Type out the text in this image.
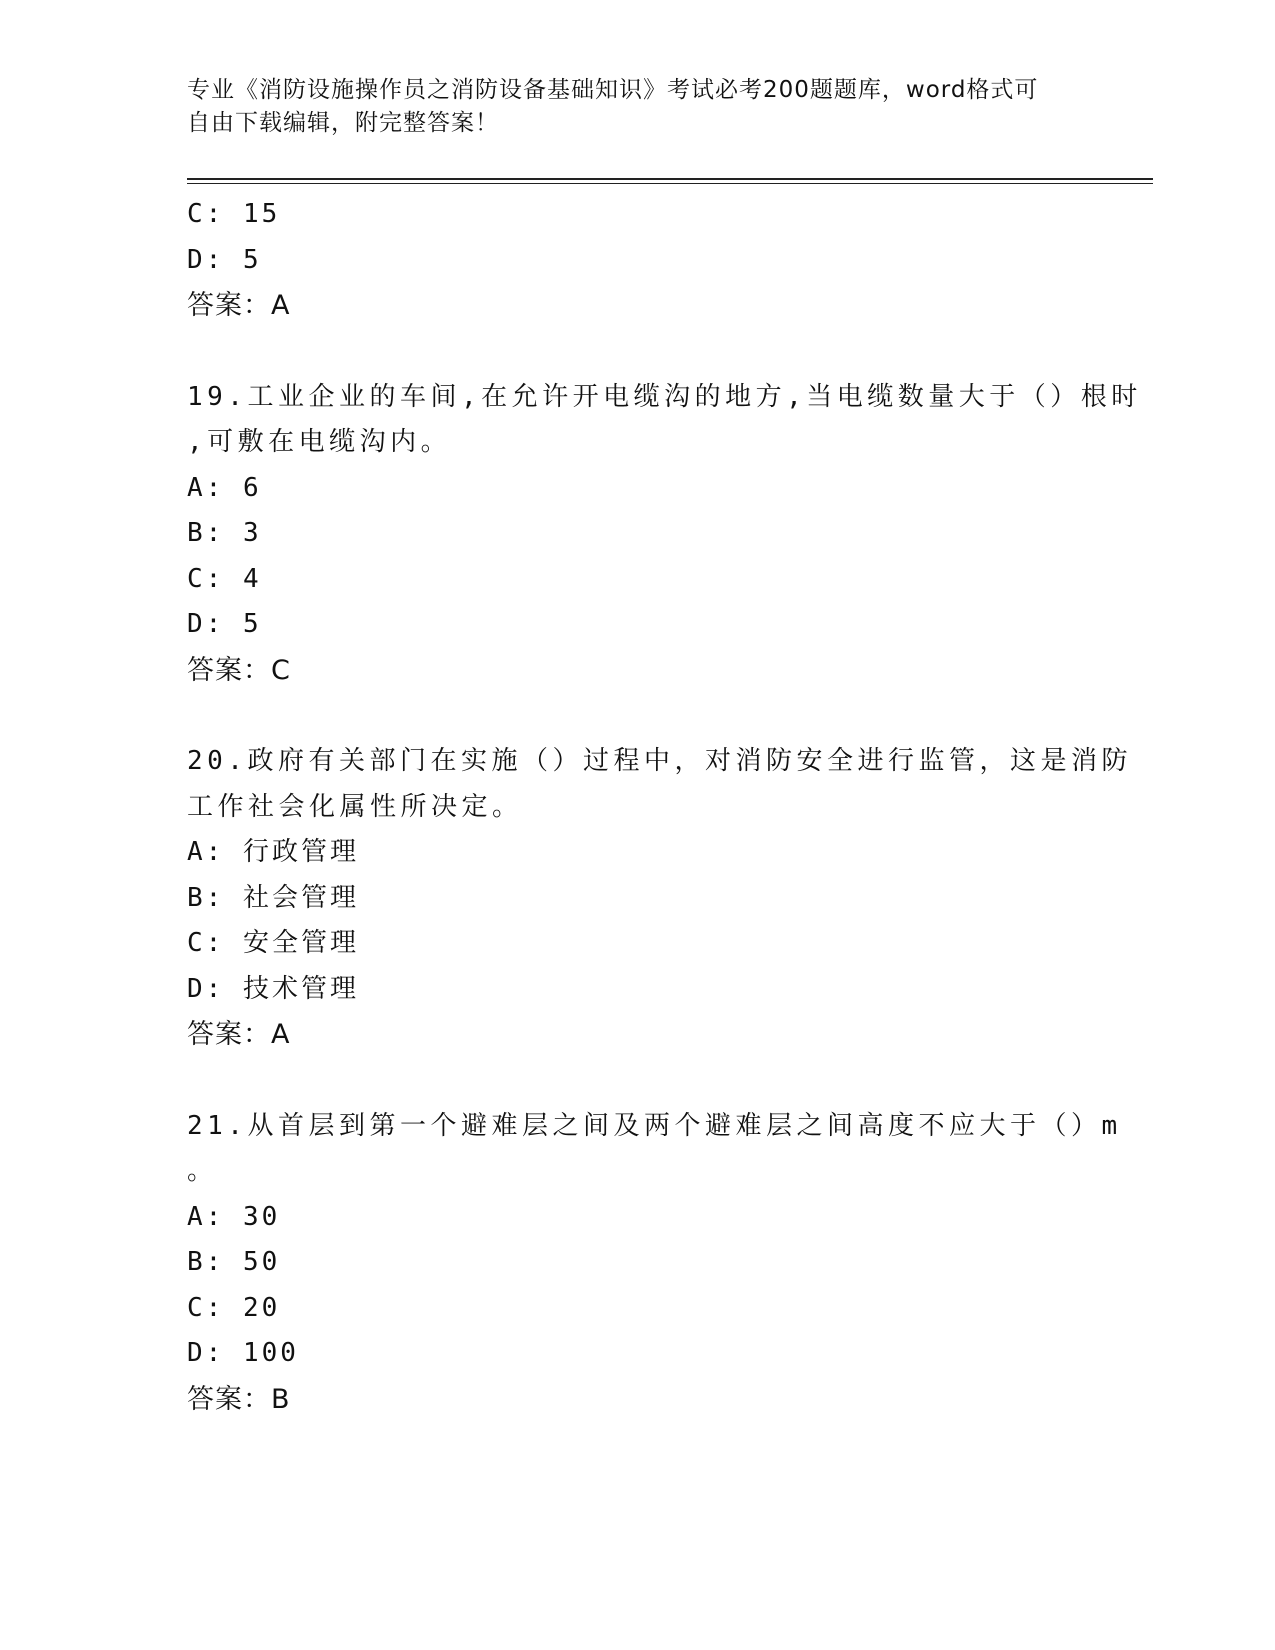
专业《消防设施操作员之消防设备基础知识》考试必考200题题库，word格式可
自由下载编辑，附完整答案！
C: 15
D: 5
答案：A
19.工业企业的车间,在允许开电缆沟的地方,当电缆数量大于（）根时
,可敷在电缆沟内。
A: 6
B: 3
C: 4
D: 5
答案：C
20.政府有关部门在实施（）过程中，对消防安全进行监管，这是消防
工作社会化属性所决定。
A: 行政管理
B: 社会管理
C: 安全管理
D: 技术管理
答案：A
21.从首层到第一个避难层之间及两个避难层之间高度不应大于（）m
。
A: 30
B: 50
C: 20
D: 100
答案：B
